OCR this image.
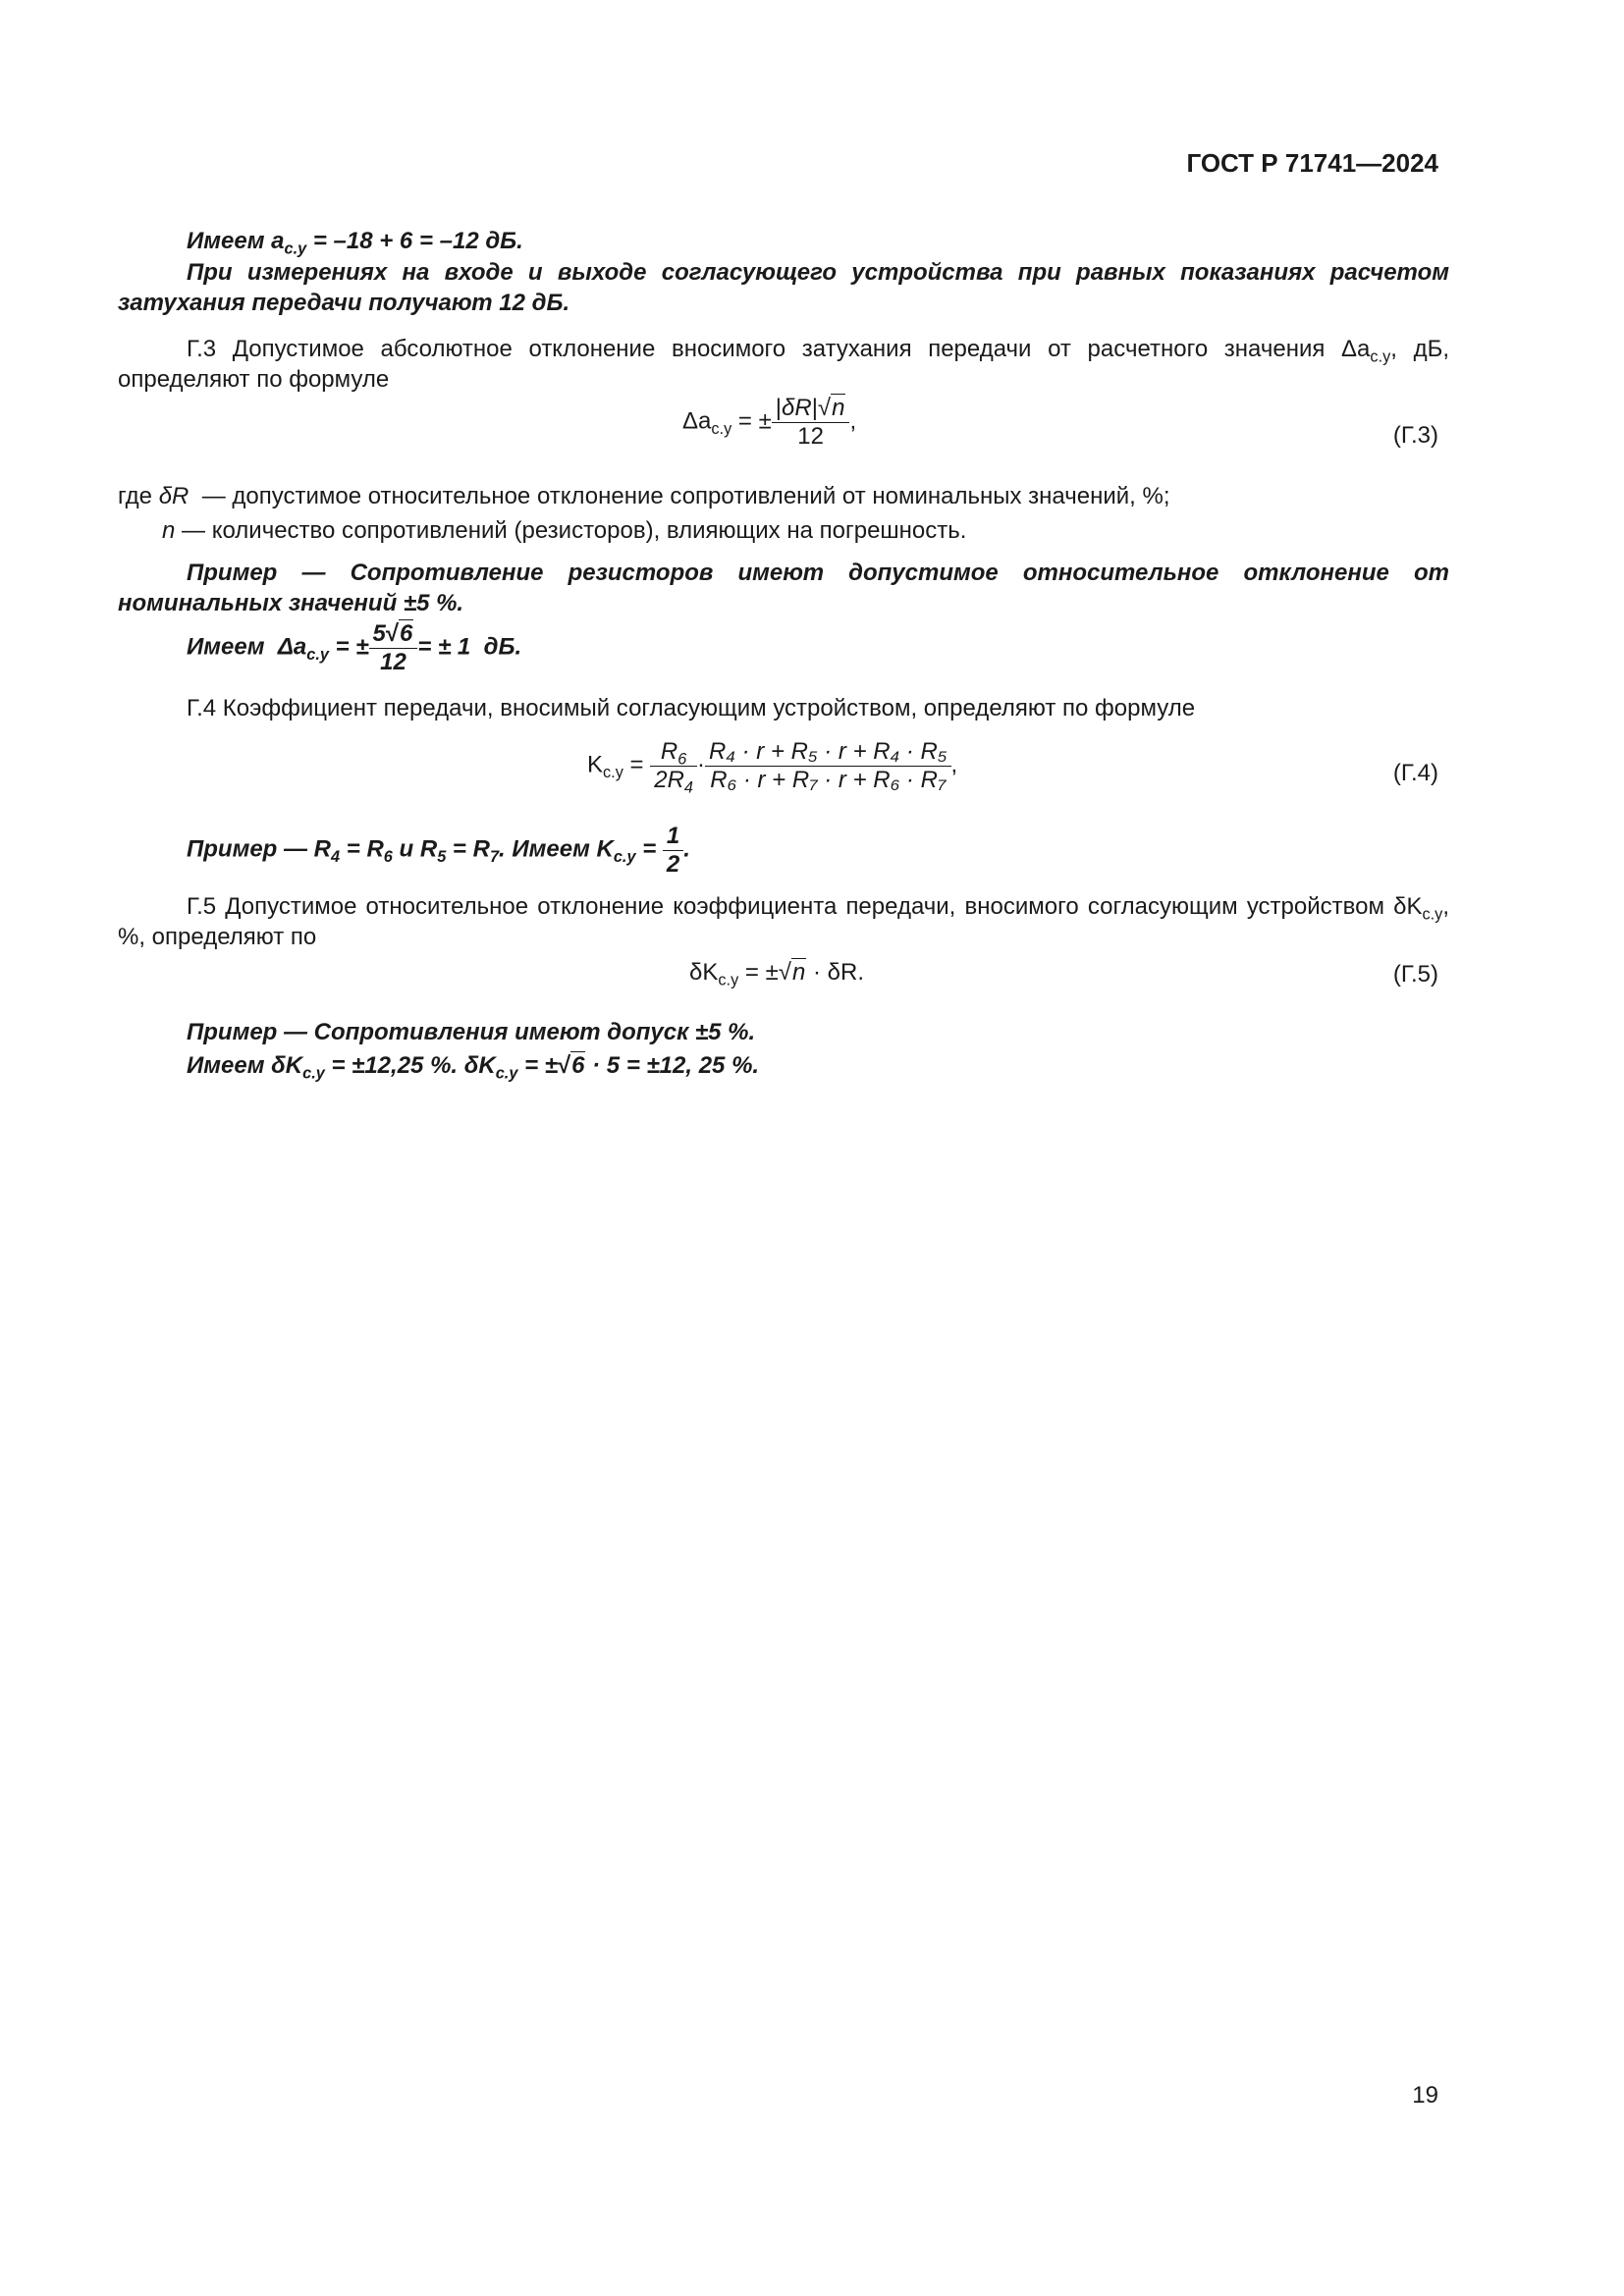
ГОСТ Р 71741—2024
Имеем $a_{с.у} = -18 + 6 = -12$ дБ.
При измерениях на входе и выходе согласующего устройства при равных показаниях расчетом затухания передачи получают 12 дБ.
Г.3 Допустимое абсолютное отклонение вносимого затухания передачи от расчетного значения $\Delta a_{с.у}$, дБ, определяют по формуле
$\Delta a_{с.у}$ = ± $\frac{|\delta R|√n}{12}$ ,
(Г.3)
где δR — допустимое относительное отклонение сопротивлений от номинальных значений, %;
n — количество сопротивлений (резисторов), влияющих на погрешность.
Пример — Сопротивление резисторов имеют допустимое относительное отклонение от номинальных значений ±5 %.
Имеем $\Delta a_{с.у}$ = ± $\frac{5√6}{12}$ = ± 1 дБ.
Г.4 Коэффициент передачи, вносимый согласующим устройством, определяют по формуле
$K_{с.у} = \frac{R_6}{2R_4} \cdot \frac{\text{R₄ · r + R₅ · r + R₄ · R₅}}{\text{R₆ · r + R₇ · r + R₆ · R₇}}$ ,	(Г.4)
Пример — $R_4 = R_6$ и $R_5 = R_7$. Имеем $K_{с.у} = \frac{1}{2}$ .
Г.5 Допустимое относительное отклонение коэффициента передачи, вносимого согласующим устройством $\delta K_{с.у}$, %, определяют по
$\delta K_{с.у} = \pm√n \cdot \delta R$.	(Г.5)
Пример — Сопротивления имеют допуск ±5 %.
Имеем $\delta K_{с.у} = \pm 12,25$ %. $\delta K_{с.у} = \pm√6 \cdot 5 = \pm 12$, 25 %.
19
